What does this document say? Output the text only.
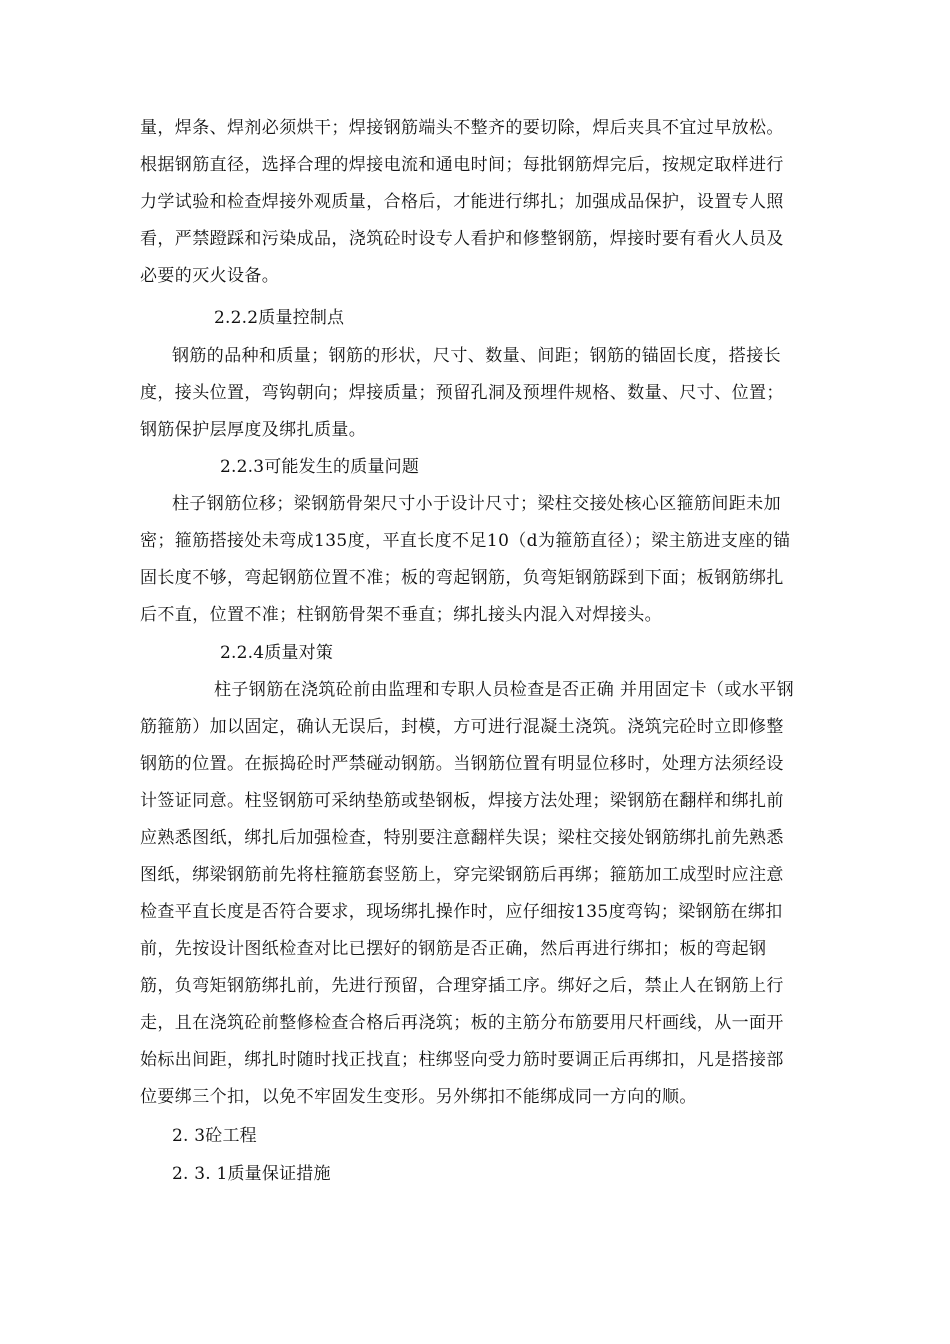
量，焊条、焊剂必须烘干；焊接钢筋端头不整齐的要切除，焊后夹具不宜过早放松。
根据钢筋直径，选择合理的焊接电流和通电时间；每批钢筋焊完后，按规定取样进行
力学试验和检查焊接外观质量，合格后，才能进行绑扎；加强成品保护，设置专人照
看，严禁蹬踩和污染成品，浇筑砼时设专人看护和修整钢筋，焊接时要有看火人员及
必要的灭火设备。
2.2.2质量控制点
钢筋的品种和质量；钢筋的形状，尺寸、数量、间距；钢筋的锚固长度，搭接长
度，接头位置，弯钩朝向；焊接质量；预留孔洞及预埋件规格、数量、尺寸、位置；
钢筋保护层厚度及绑扎质量。
2.2.3可能发生的质量问题
柱子钢筋位移；梁钢筋骨架尺寸小于设计尺寸；梁柱交接处核心区箍筋间距未加
密；箍筋搭接处未弯成135度，平直长度不足10（d为箍筋直径）；梁主筋进支座的锚
固长度不够，弯起钢筋位置不准；板的弯起钢筋，负弯矩钢筋踩到下面；板钢筋绑扎
后不直，位置不准；柱钢筋骨架不垂直；绑扎接头内混入对焊接头。
2.2.4质量对策
柱子钢筋在浇筑砼前由监理和专职人员检查是否正确 并用固定卡（或水平钢
筋箍筋）加以固定，确认无误后，封模，方可进行混凝土浇筑。浇筑完砼时立即修整
钢筋的位置。在振捣砼时严禁碰动钢筋。当钢筋位置有明显位移时，处理方法须经设
计签证同意。柱竖钢筋可采纳垫筋或垫钢板，焊接方法处理；梁钢筋在翻样和绑扎前
应熟悉图纸，绑扎后加强检查，特别要注意翻样失误；梁柱交接处钢筋绑扎前先熟悉
图纸，绑梁钢筋前先将柱箍筋套竖筋上，穿完梁钢筋后再绑；箍筋加工成型时应注意
检查平直长度是否符合要求，现场绑扎操作时，应仔细按135度弯钩；梁钢筋在绑扣
前，先按设计图纸检查对比已摆好的钢筋是否正确，然后再进行绑扣；板的弯起钢
筋，负弯矩钢筋绑扎前，先进行预留，合理穿插工序。绑好之后，禁止人在钢筋上行
走，且在浇筑砼前整修检查合格后再浇筑；板的主筋分布筋要用尺杆画线，从一面开
始标出间距，绑扎时随时找正找直；柱绑竖向受力筋时要调正后再绑扣，凡是搭接部
位要绑三个扣，以免不牢固发生变形。另外绑扣不能绑成同一方向的顺。
2. 3砼工程
2. 3. 1质量保证措施
